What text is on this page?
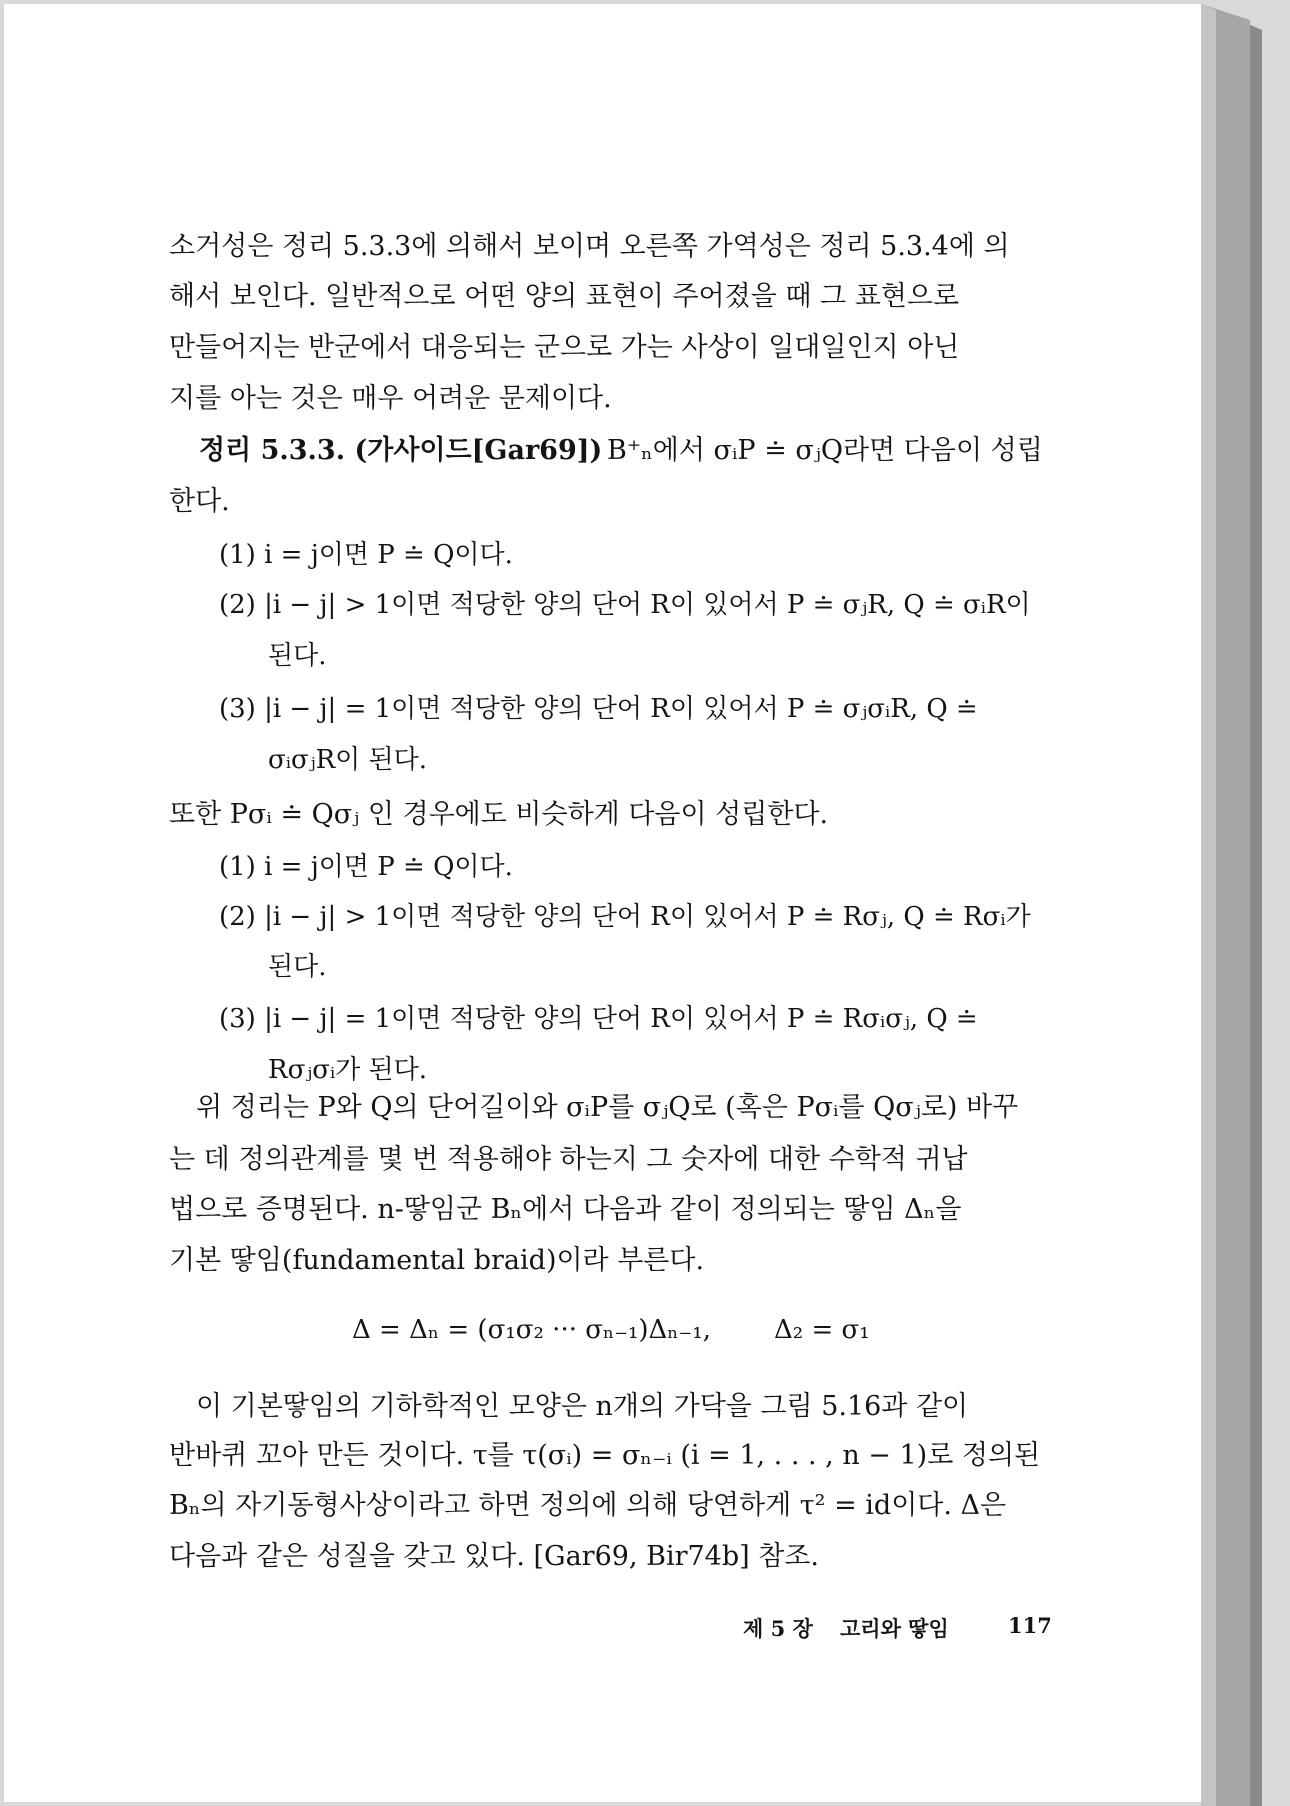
소거성은 정리 5.3.3에 의해서 보이며 오른쪽 가역성은 정리 5.3.4에 의
해서 보인다. 일반적으로 어떤 양의 표현이 주어졌을 때 그 표현으로
만들어지는 반군에서 대응되는 군으로 가는 사상이 일대일인지 아닌
지를 아는 것은 매우 어려운 문제이다.
정리 5.3.3. (가사이드[Gar69]) B⁺ₙ에서 σᵢP ≐ σⱼQ라면 다음이 성립
한다.
(1) i = j이면 P ≐ Q이다.
(2) |i − j| > 1이면 적당한 양의 단어 R이 있어서 P ≐ σⱼR, Q ≐ σᵢR이
된다.
(3) |i − j| = 1이면 적당한 양의 단어 R이 있어서 P ≐ σⱼσᵢR, Q ≐
σᵢσⱼR이 된다.
또한 Pσᵢ ≐ Qσⱼ 인 경우에도 비슷하게 다음이 성립한다.
(1) i = j이면 P ≐ Q이다.
(2) |i − j| > 1이면 적당한 양의 단어 R이 있어서 P ≐ Rσⱼ, Q ≐ Rσᵢ가
된다.
(3) |i − j| = 1이면 적당한 양의 단어 R이 있어서 P ≐ Rσᵢσⱼ, Q ≐
Rσⱼσᵢ가 된다.
위 정리는 P와 Q의 단어길이와 σᵢP를 σⱼQ로 (혹은 Pσᵢ를 Qσⱼ로) 바꾸
는 데 정의관계를 몇 번 적용해야 하는지 그 숫자에 대한 수학적 귀납
법으로 증명된다. n-땋임군 Bₙ에서 다음과 같이 정의되는 땋임 Δₙ을
기본 땋임(fundamental braid)이라 부른다.
Δ = Δₙ = (σ₁σ₂ ··· σₙ₋₁)Δₙ₋₁, Δ₂ = σ₁
이 기본땋임의 기하학적인 모양은 n개의 가닥을 그림 5.16과 같이
반바퀴 꼬아 만든 것이다. τ를 τ(σᵢ) = σₙ₋ᵢ (i = 1, . . . , n − 1)로 정의된
Bₙ의 자기동형사상이라고 하면 정의에 의해 당연하게 τ² = id이다. Δ은
다음과 같은 성질을 갖고 있다. [Gar69, Bir74b] 참조.
제 5 장 고리와 땋임	117
